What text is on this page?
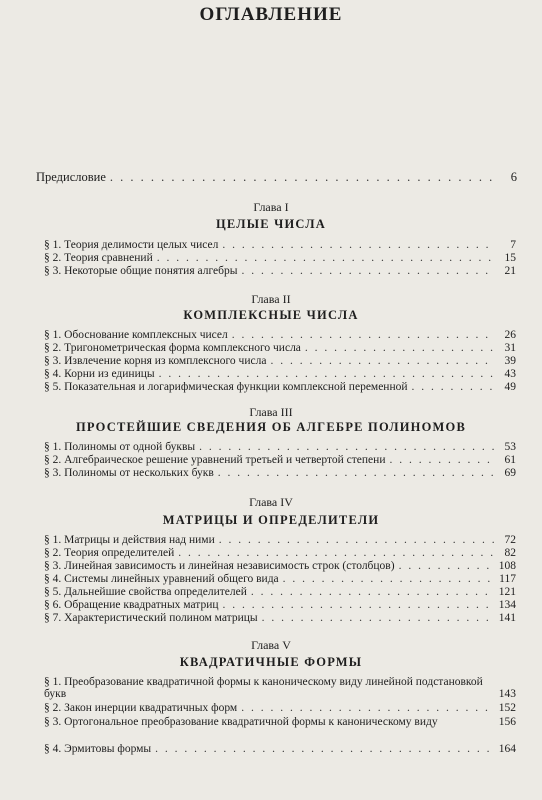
ОГЛАВЛЕНИЕ
Предисловие . . .	6
Глава I
ЦЕЛЫЕ ЧИСЛА
§ 1. Теория делимости целых чисел . . .	7
§ 2. Теория сравнений . . .	15
§ 3. Некоторые общие понятия алгебры . . .	21
Глава II
КОМПЛЕКСНЫЕ ЧИСЛА
§ 1. Обоснование комплексных чисел . . .	26
§ 2. Тригонометрическая форма комплексного числа . . .	31
§ 3. Извлечение корня из комплексного числа . . .	39
§ 4. Корни из единицы . . .	43
§ 5. Показательная и логарифмическая функции комплексной переменной . . .	49
Глава III
ПРОСТЕЙШИЕ СВЕДЕНИЯ ОБ АЛГЕБРЕ ПОЛИНОМОВ
§ 1. Полиномы от одной буквы . . .	53
§ 2. Алгебраическое решение уравнений третьей и четвертой степени . . .	61
§ 3. Полиномы от нескольких букв . . .	69
Глава IV
МАТРИЦЫ И ОПРЕДЕЛИТЕЛИ
§ 1. Матрицы и действия над ними . . .	72
§ 2. Теория определителей . . .	82
§ 3. Линейная зависимость и линейная независимость строк (столбцов) . . .	108
§ 4. Системы линейных уравнений общего вида . . .	117
§ 5. Дальнейшие свойства определителей . . .	121
§ 6. Обращение квадратных матриц . . .	134
§ 7. Характеристический полином матрицы . . .	141
Глава V
КВАДРАТИЧНЫЕ ФОРМЫ
§ 1. Преобразование квадратичной формы к каноническому виду линейной подстановкой букв	143
§ 2. Закон инерции квадратичных форм . . .	152
§ 3. Ортогональное преобразование квадратичной формы к каноническому виду	156
§ 4. Эрмитовы формы . . .	164
